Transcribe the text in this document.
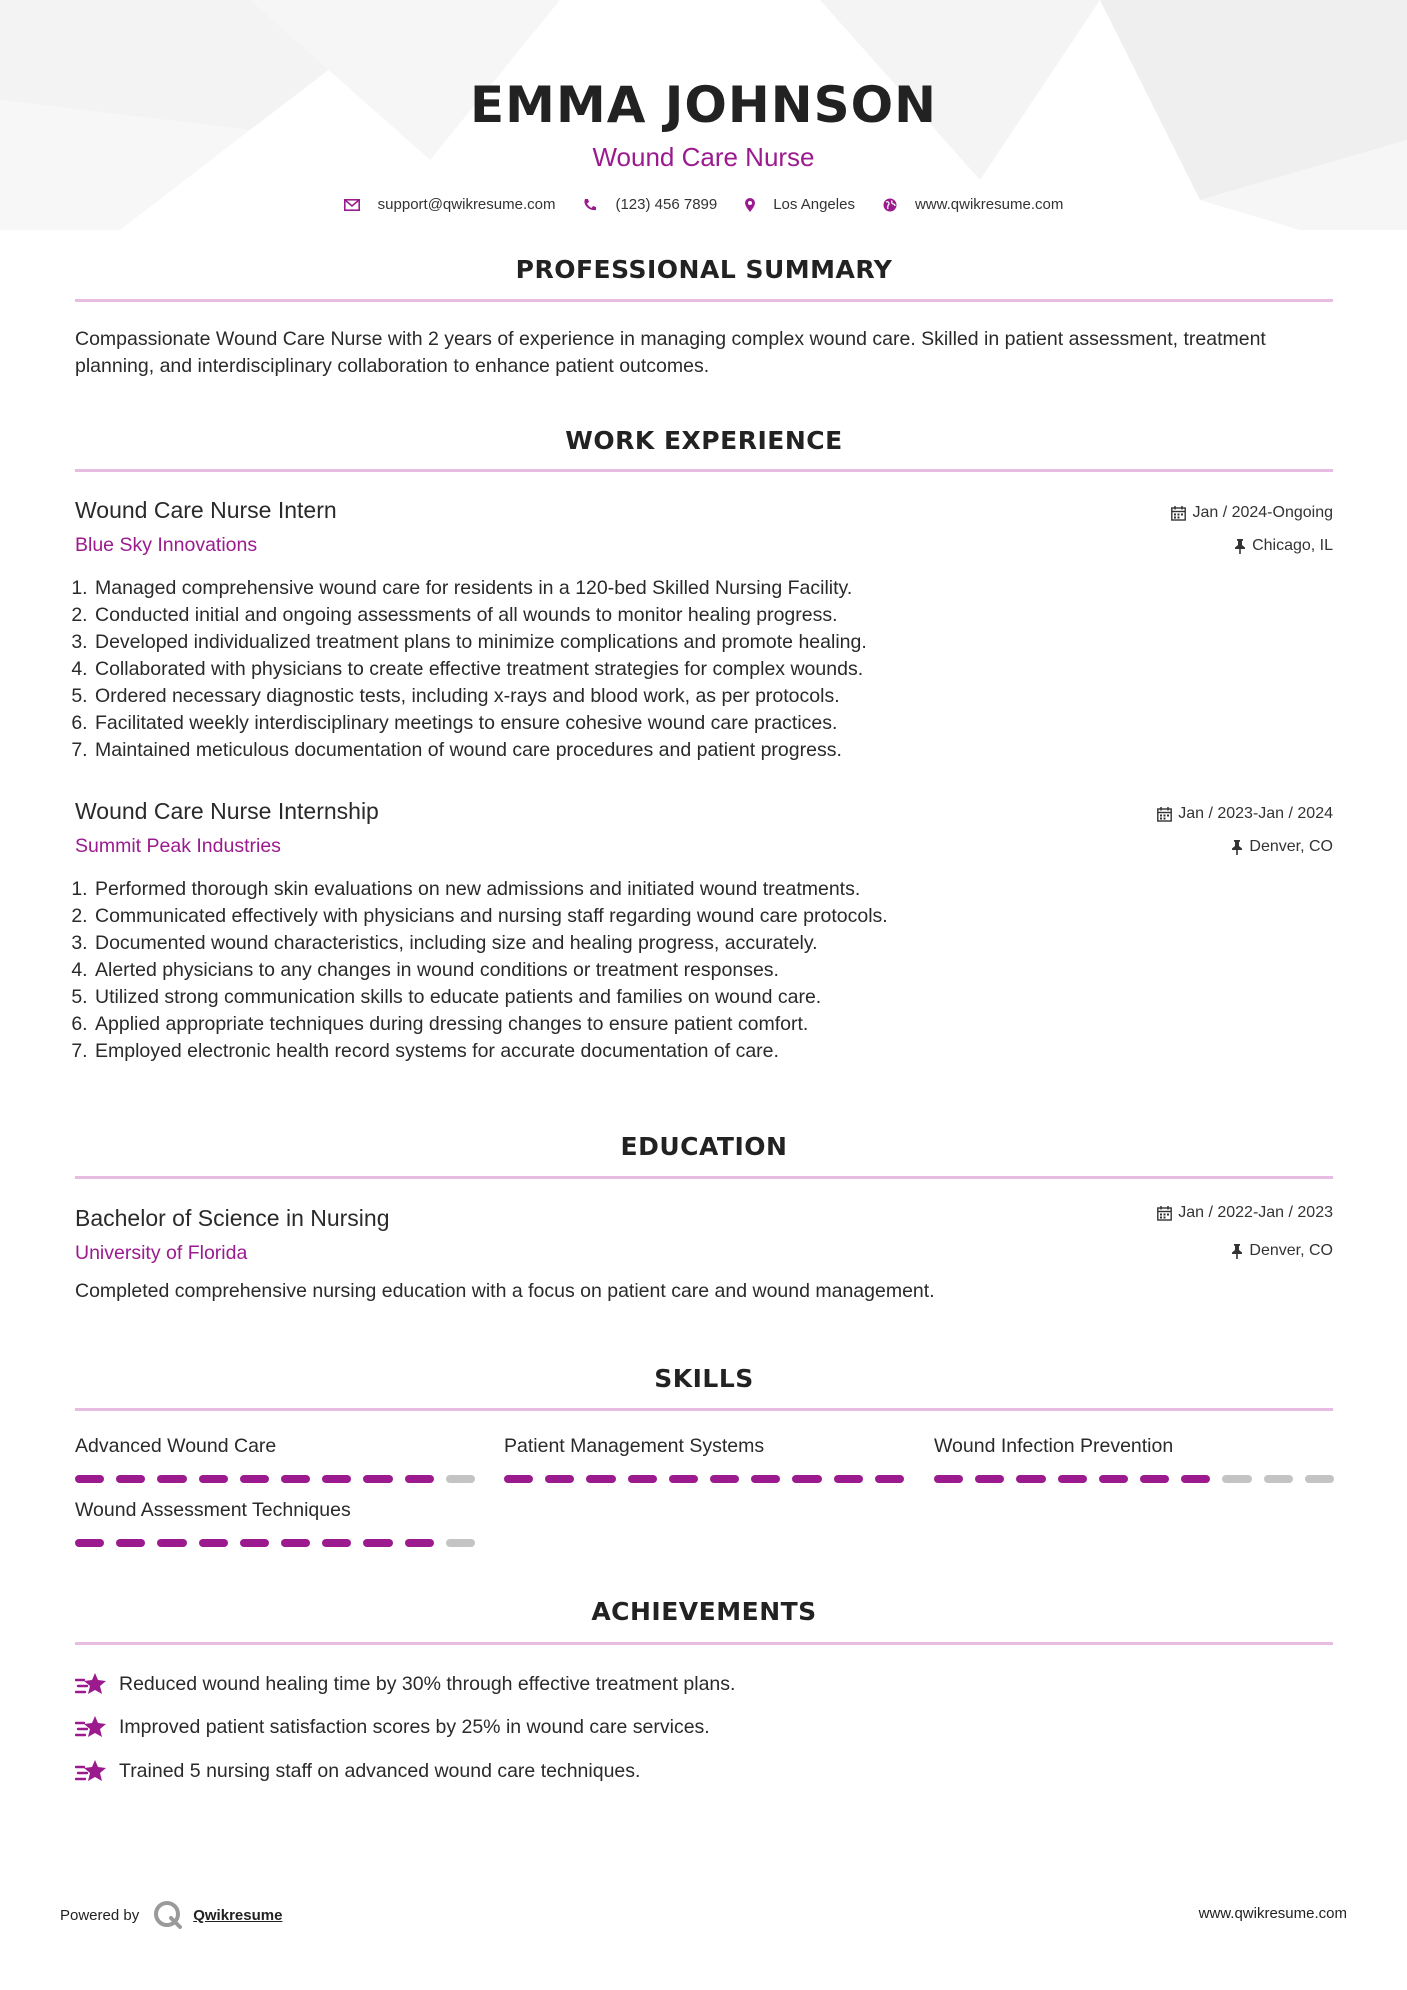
EMMA JOHNSON
Wound Care Nurse
support@qwikresume.com	(123) 456 7899	Los Angeles	www.qwikresume.com
PROFESSIONAL SUMMARY
Compassionate Wound Care Nurse with 2 years of experience in managing complex wound care. Skilled in patient assessment, treatment planning, and interdisciplinary collaboration to enhance patient outcomes.
WORK EXPERIENCE
Wound Care Nurse Intern
Blue Sky Innovations
Jan / 2024-Ongoing
Chicago, IL
1. Managed comprehensive wound care for residents in a 120-bed Skilled Nursing Facility.
2. Conducted initial and ongoing assessments of all wounds to monitor healing progress.
3. Developed individualized treatment plans to minimize complications and promote healing.
4. Collaborated with physicians to create effective treatment strategies for complex wounds.
5. Ordered necessary diagnostic tests, including x-rays and blood work, as per protocols.
6. Facilitated weekly interdisciplinary meetings to ensure cohesive wound care practices.
7. Maintained meticulous documentation of wound care procedures and patient progress.
Wound Care Nurse Internship
Summit Peak Industries
Jan / 2023-Jan / 2024
Denver, CO
1. Performed thorough skin evaluations on new admissions and initiated wound treatments.
2. Communicated effectively with physicians and nursing staff regarding wound care protocols.
3. Documented wound characteristics, including size and healing progress, accurately.
4. Alerted physicians to any changes in wound conditions or treatment responses.
5. Utilized strong communication skills to educate patients and families on wound care.
6. Applied appropriate techniques during dressing changes to ensure patient comfort.
7. Employed electronic health record systems for accurate documentation of care.
EDUCATION
Bachelor of Science in Nursing
University of Florida
Jan / 2022-Jan / 2023
Denver, CO
Completed comprehensive nursing education with a focus on patient care and wound management.
SKILLS
Advanced Wound Care	Patient Management Systems	Wound Infection Prevention
Wound Assessment Techniques
ACHIEVEMENTS
Reduced wound healing time by 30% through effective treatment plans.
Improved patient satisfaction scores by 25% in wound care services.
Trained 5 nursing staff on advanced wound care techniques.
Powered by	Qwikresume	www.qwikresume.com
